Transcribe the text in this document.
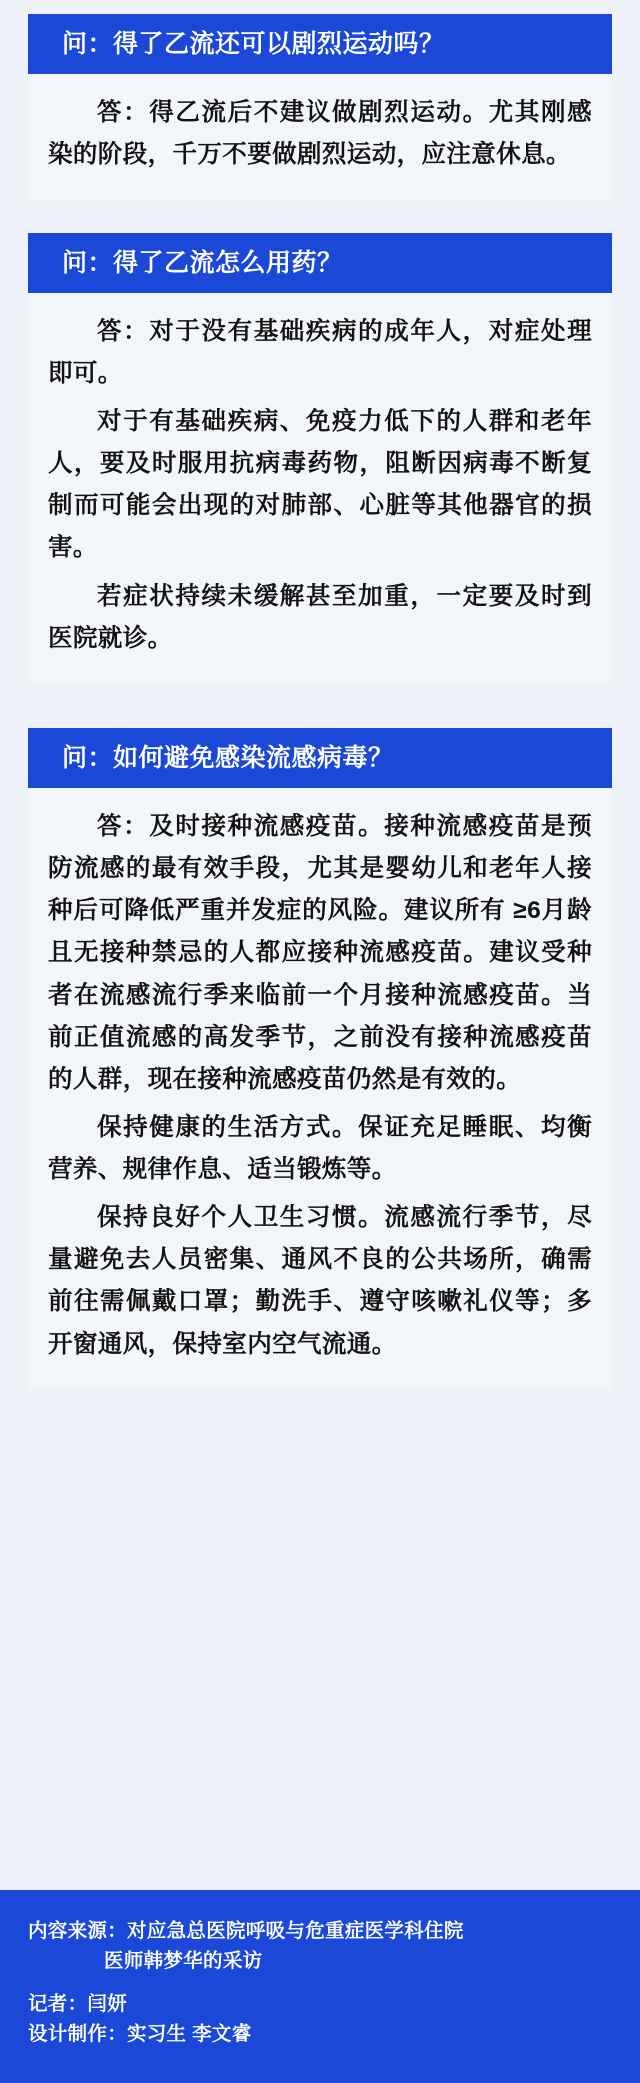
问：得了乙流还可以剧烈运动吗？

答：得乙流后不建议做剧烈运动。尤其刚感染的阶段，千万不要做剧烈运动，应注意休息。

问：得了乙流怎么用药？

答：对于没有基础疾病的成年人，对症处理即可。

对于有基础疾病、免疫力低下的人群和老年人，要及时服用抗病毒药物，阻断因病毒不断复制而可能会出现的对肺部、心脏等其他器官的损害。

若症状持续未缓解甚至加重，一定要及时到医院就诊。

问：如何避免感染流感病毒？

答：及时接种流感疫苗。接种流感疫苗是预防流感的最有效手段，尤其是婴幼儿和老年人接种后可降低严重并发症的风险。建议所有 ≥6月龄且无接种禁忌的人都应接种流感疫苗。建议受种者在流感流行季来临前一个月接种流感疫苗。当前正值流感的高发季节，之前没有接种流感疫苗的人群，现在接种流感疫苗仍然是有效的。

保持健康的生活方式。保证充足睡眠、均衡营养、规律作息、适当锻炼等。

保持良好个人卫生习惯。流感流行季节，尽量避免去人员密集、通风不良的公共场所，确需前往需佩戴口罩；勤洗手、遵守咳嗽礼仪等；多开窗通风，保持室内空气流通。

内容来源：对应急总医院呼吸与危重症医学科住院
医师韩梦华的采访
记者：闫妍
设计制作：实习生 李文睿
